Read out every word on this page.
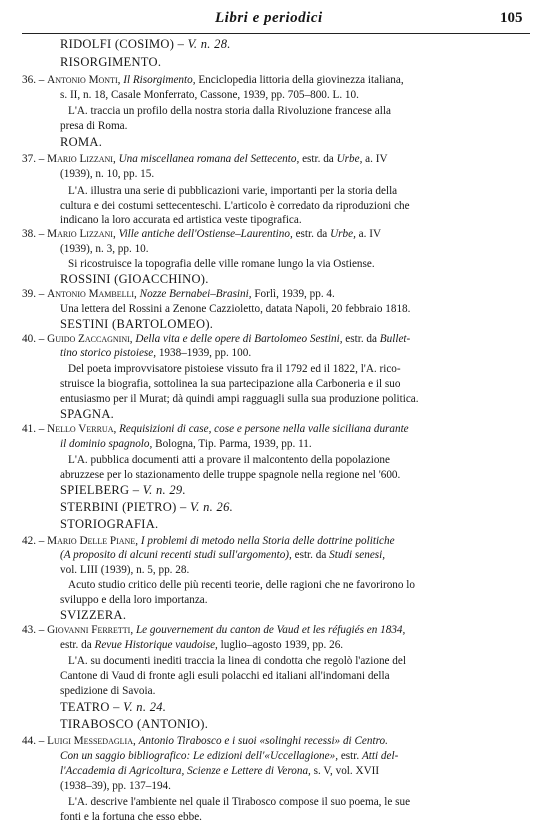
Libri e periodici	105
RIDOLFI (COSIMO) – V. n. 28.
RISORGIMENTO.
36. – Antonio Monti, Il Risorgimento, Enciclopedia littoria della giovinezza italiana,
s. II, n. 18, Casale Monferrato, Cassone, 1939, pp. 705–800. L. 10.
L'A. traccia un profilo della nostra storia dalla Rivoluzione francese alla
presa di Roma.
ROMA.
37. – Mario Lizzani, Una miscellanea romana del Settecento, estr. da Urbe, a. IV
(1939), n. 10, pp. 15.
L'A. illustra una serie di pubblicazioni varie, importanti per la storia della
cultura e dei costumi settecenteschi. L'articolo è corredato da riproduzioni che
indicano la loro accurata ed artistica veste tipografica.
38. – Mario Lizzani, Ville antiche dell'Ostiense–Laurentino, estr. da Urbe, a. IV
(1939), n. 3, pp. 10.
Si ricostruisce la topografia delle ville romane lungo la via Ostiense.
ROSSINI (GIOACCHINO).
39. – Antonio Mambelli, Nozze Bernabei–Brasini, Forlì, 1939, pp. 4.
Una lettera del Rossini a Zenone Cazzioletto, datata Napoli, 20 febbraio 1818.
SESTINI (BARTOLOMEO).
40. – Guido Zaccagnini, Della vita e delle opere di Bartolomeo Sestini, estr. da Bullet-
tino storico pistoiese, 1938–1939, pp. 100.
Del poeta improvvisatore pistoiese vissuto fra il 1792 ed il 1822, l'A. rico-
struisce la biografia, sottolinea la sua partecipazione alla Carboneria e il suo
entusiasmo per il Murat; dà quindi ampi ragguagli sulla sua produzione politica.
SPAGNA.
41. – Nello Verrua, Requisizioni di case, cose e persone nella valle siciliana durante
il dominio spagnolo, Bologna, Tip. Parma, 1939, pp. 11.
L'A. pubblica documenti atti a provare il malcontento della popolazione
abruzzese per lo stazionamento delle truppe spagnole nella regione nel '600.
SPIELBERG – V. n. 29.
STERBINI (PIETRO) – V. n. 26.
STORIOGRAFIA.
42. – Mario Delle Piane, I problemi di metodo nella Storia delle dottrine politiche
(A proposito di alcuni recenti studi sull'argomento), estr. da Studi senesi,
vol. LIII (1939), n. 5, pp. 28.
Acuto studio critico delle più recenti teorie, delle ragioni che ne favorirono lo
sviluppo e della loro importanza.
SVIZZERA.
43. – Giovanni Ferretti, Le gouvernement du canton de Vaud et les réfugiés en 1834,
estr. da Revue Historique vaudoise, luglio–agosto 1939, pp. 26.
L'A. su documenti inediti traccia la linea di condotta che regolò l'azione del
Cantone di Vaud di fronte agli esuli polacchi ed italiani all'indomani della
spedizione di Savoia.
TEATRO – V. n. 24.
TIRABOSCO (ANTONIO).
44. – Luigi Messedaglia, Antonio Tirabosco e i suoi «solinghi recessi» di Centro.
Con un saggio bibliografico: Le edizioni dell'«Uccellagione», estr. Atti del-
l'Accademia di Agricoltura, Scienze e Lettere di Verona, s. V, vol. XVII
(1938–39), pp. 137–194.
L'A. descrive l'ambiente nel quale il Tirabosco compose il suo poema, le sue
fonti e la fortuna che esso ebbe.
